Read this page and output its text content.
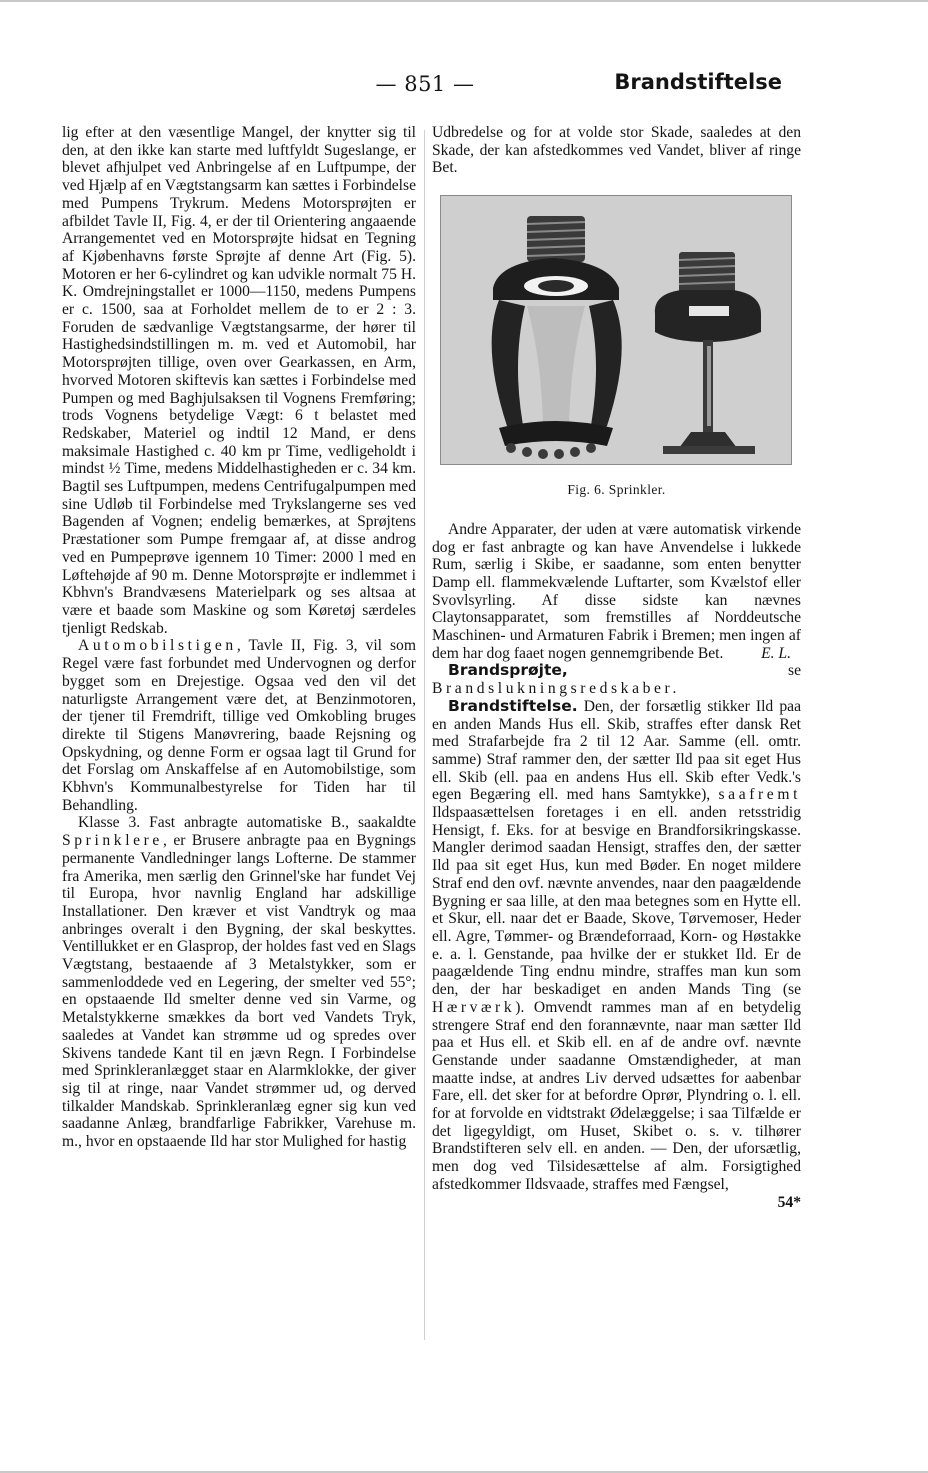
— 851 —	Brandstiftelse

lig efter at den væsentlige Mangel, der knytter sig til den, at den ikke kan starte med luftfyldt Sugeslange, er blevet afhjulpet ved Anbringelse af en Luftpumpe, der ved Hjælp af en Vægtstangsarm kan sættes i Forbindelse med Pumpens Trykrum. Medens Motorsprøjten er afbildet Tavle II, Fig. 4, er der til Orientering angaaende Arrangementet ved en Motorsprøjte hidsat en Tegning af Kjøbenhavns første Sprøjte af denne Art (Fig. 5). Motoren er her 6-cylindret og kan udvikle normalt 75 H. K. Omdrejningstallet er 1000—1150, medens Pumpens er c. 1500, saa at Forholdet mellem de to er 2 : 3. Foruden de sædvanlige Vægtstangsarme, der hører til Hastighedsindstillingen m. m. ved et Automobil, har Motorsprøjten tillige, oven over Gearkassen, en Arm, hvorved Motoren skiftevis kan sættes i Forbindelse med Pumpen og med Baghjulsaksen til Vognens Fremføring; trods Vognens betydelige Vægt: 6 t belastet med Redskaber, Materiel og indtil 12 Mand, er dens maksimale Hastighed c. 40 km pr Time, vedligeholdt i mindst ½ Time, medens Middelhastigheden er c. 34 km. Bagtil ses Luftpumpen, medens Centrifugalpumpen med sine Udløb til Forbindelse med Trykslangerne ses ved Bagenden af Vognen; endelig bemærkes, at Sprøjtens Præstationer som Pumpe fremgaar af, at disse androg ved en Pumpeprøve igennem 10 Timer: 2000 l med en Løftehøjde af 90 m. Denne Motorsprøjte er indlemmet i Kbhvn's Brandvæsens Materielpark og ses altsaa at være et baade som Maskine og som Køretøj særdeles tjenligt Redskab.

Automobilstigen, Tavle II, Fig. 3, vil som Regel være fast forbundet med Undervognen og derfor bygget som en Drejestige. Ogsaa ved den vil det naturligste Arrangement være det, at Benzinmotoren, der tjener til Fremdrift, tillige ved Omkobling bruges direkte til Stigens Manøvrering, baade Rejsning og Opskydning, og denne Form er ogsaa lagt til Grund for det Forslag om Anskaffelse af en Automobilstige, som Kbhvn's Kommunalbestyrelse for Tiden har til Behandling.

Klasse 3. Fast anbragte automatiske B., saakaldte Sprinklere, er Brusere anbragte paa en Bygnings permanente Vandledninger langs Lofterne. De stammer fra Amerika, men særlig den Grinnel'ske har fundet Vej til Europa, hvor navnlig England har adskillige Installationer. Den kræver et vist Vandtryk og maa anbringes overalt i den Bygning, der skal beskyttes. Ventillukket er en Glasprop, der holdes fast ved en Slags Vægtstang, bestaaende af 3 Metalstykker, som er sammenloddede ved en Legering, der smelter ved 55°; en opstaaende Ild smelter denne ved sin Varme, og Metalstykkerne smækkes da bort ved Vandets Tryk, saaledes at Vandet kan strømme ud og spredes over Skivens tandede Kant til en jævn Regn. I Forbindelse med Sprinkleranlægget staar en Alarmklokke, der giver sig til at ringe, naar Vandet strømmer ud, og derved tilkalder Mandskab. Sprinkleranlæg egner sig kun ved saadanne Anlæg, brandfarlige Fabrikker, Varehuse m. m., hvor en opstaaende Ild har stor Mulighed for hastig

Udbredelse og for at volde stor Skade, saaledes at den Skade, der kan afstedkommes ved Vandet, bliver af ringe Bet.

Fig. 6. Sprinkler.

Andre Apparater, der uden at være automatisk virkende dog er fast anbragte og kan have Anvendelse i lukkede Rum, særlig i Skibe, er saadanne, som enten benytter Damp ell. flammekvælende Luftarter, som Kvælstof eller Svovlsyrling. Af disse sidste kan nævnes Claytonsapparatet, som fremstilles af Norddeutsche Maschinen- und Armaturen Fabrik i Bremen; men ingen af dem har dog faaet nogen gennemgribende Bet.	E. L.

Brandsprøjte, se Brandslukningsredskaber.

Brandstiftelse. Den, der forsætlig stikker Ild paa en anden Mands Hus ell. Skib, straffes efter dansk Ret med Strafarbejde fra 2 til 12 Aar. Samme (ell. omtr. samme) Straf rammer den, der sætter Ild paa sit eget Hus ell. Skib (ell. paa en andens Hus ell. Skib efter Vedk.'s egen Begæring ell. med hans Samtykke), saafremt Ildspaasættelsen foretages i en ell. anden retsstridig Hensigt, f. Eks. for at besvige en Brandforsikringskasse. Mangler derimod saadan Hensigt, straffes den, der sætter Ild paa sit eget Hus, kun med Bøder. En noget mildere Straf end den ovf. nævnte anvendes, naar den paagældende Bygning er saa lille, at den maa betegnes som en Hytte ell. et Skur, ell. naar det er Baade, Skove, Tørvemoser, Heder ell. Agre, Tømmer- og Brændeforraad, Korn- og Høstakke e. a. l. Genstande, paa hvilke der er stukket Ild. Er de paagældende Ting endnu mindre, straffes man kun som den, der har beskadiget en anden Mands Ting (se Hærværk). Omvendt rammes man af en betydelig strengere Straf end den forannævnte, naar man sætter Ild paa et Hus ell. et Skib ell. en af de andre ovf. nævnte Genstande under saadanne Omstændigheder, at man maatte indse, at andres Liv derved udsættes for aabenbar Fare, ell. det sker for at befordre Oprør, Plyndring o. l. ell. for at forvolde en vidtstrakt Ødelæggelse; i saa Tilfælde er det ligegyldigt, om Huset, Skibet o. s. v. tilhører Brandstifteren selv ell. en anden. — Den, der uforsætlig, men dog ved Tilsidesættelse af alm. Forsigtighed afstedkommer Ildsvaade, straffes med Fængsel,

54*
